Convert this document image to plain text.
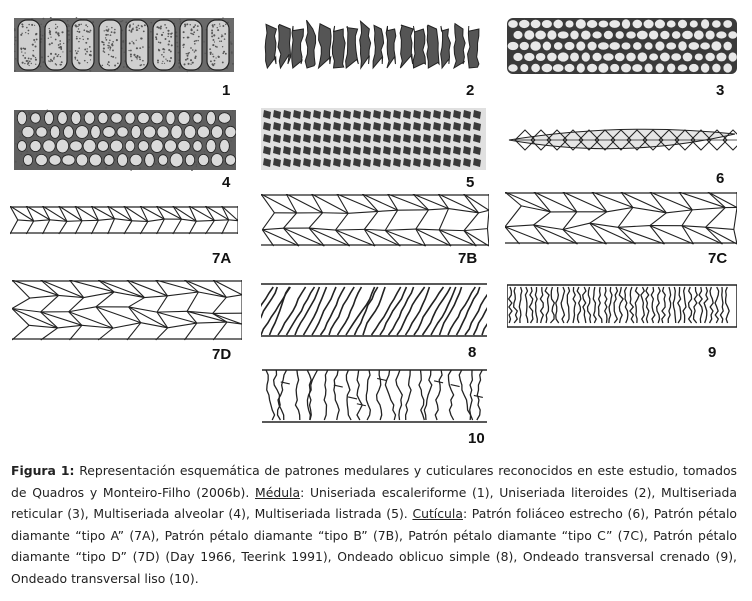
1	2	3
4	5	6
7A	7B	7C
7D	8	9
10
Figura 1: Representación esquemática de patrones medulares y cuticulares reconocidos en este estudio, tomados de Quadros y Monteiro-Filho (2006b). Médula: Uniseriada escaleriforme (1), Uniseriada literoides (2), Multiseriada reticular (3), Multiseriada alveolar (4), Multiseriada listrada (5). Cutícula: Patrón foliáceo estrecho (6), Patrón pétalo diamante “tipo A” (7A), Patrón pétalo diamante “tipo B” (7B), Patrón pétalo diamante “tipo C” (7C), Patrón pétalo diamante “tipo D” (7D) (Day 1966, Teerink 1991), Ondeado oblicuo simple (8), Ondeado transversal crenado (9), Ondeado transversal liso (10).
